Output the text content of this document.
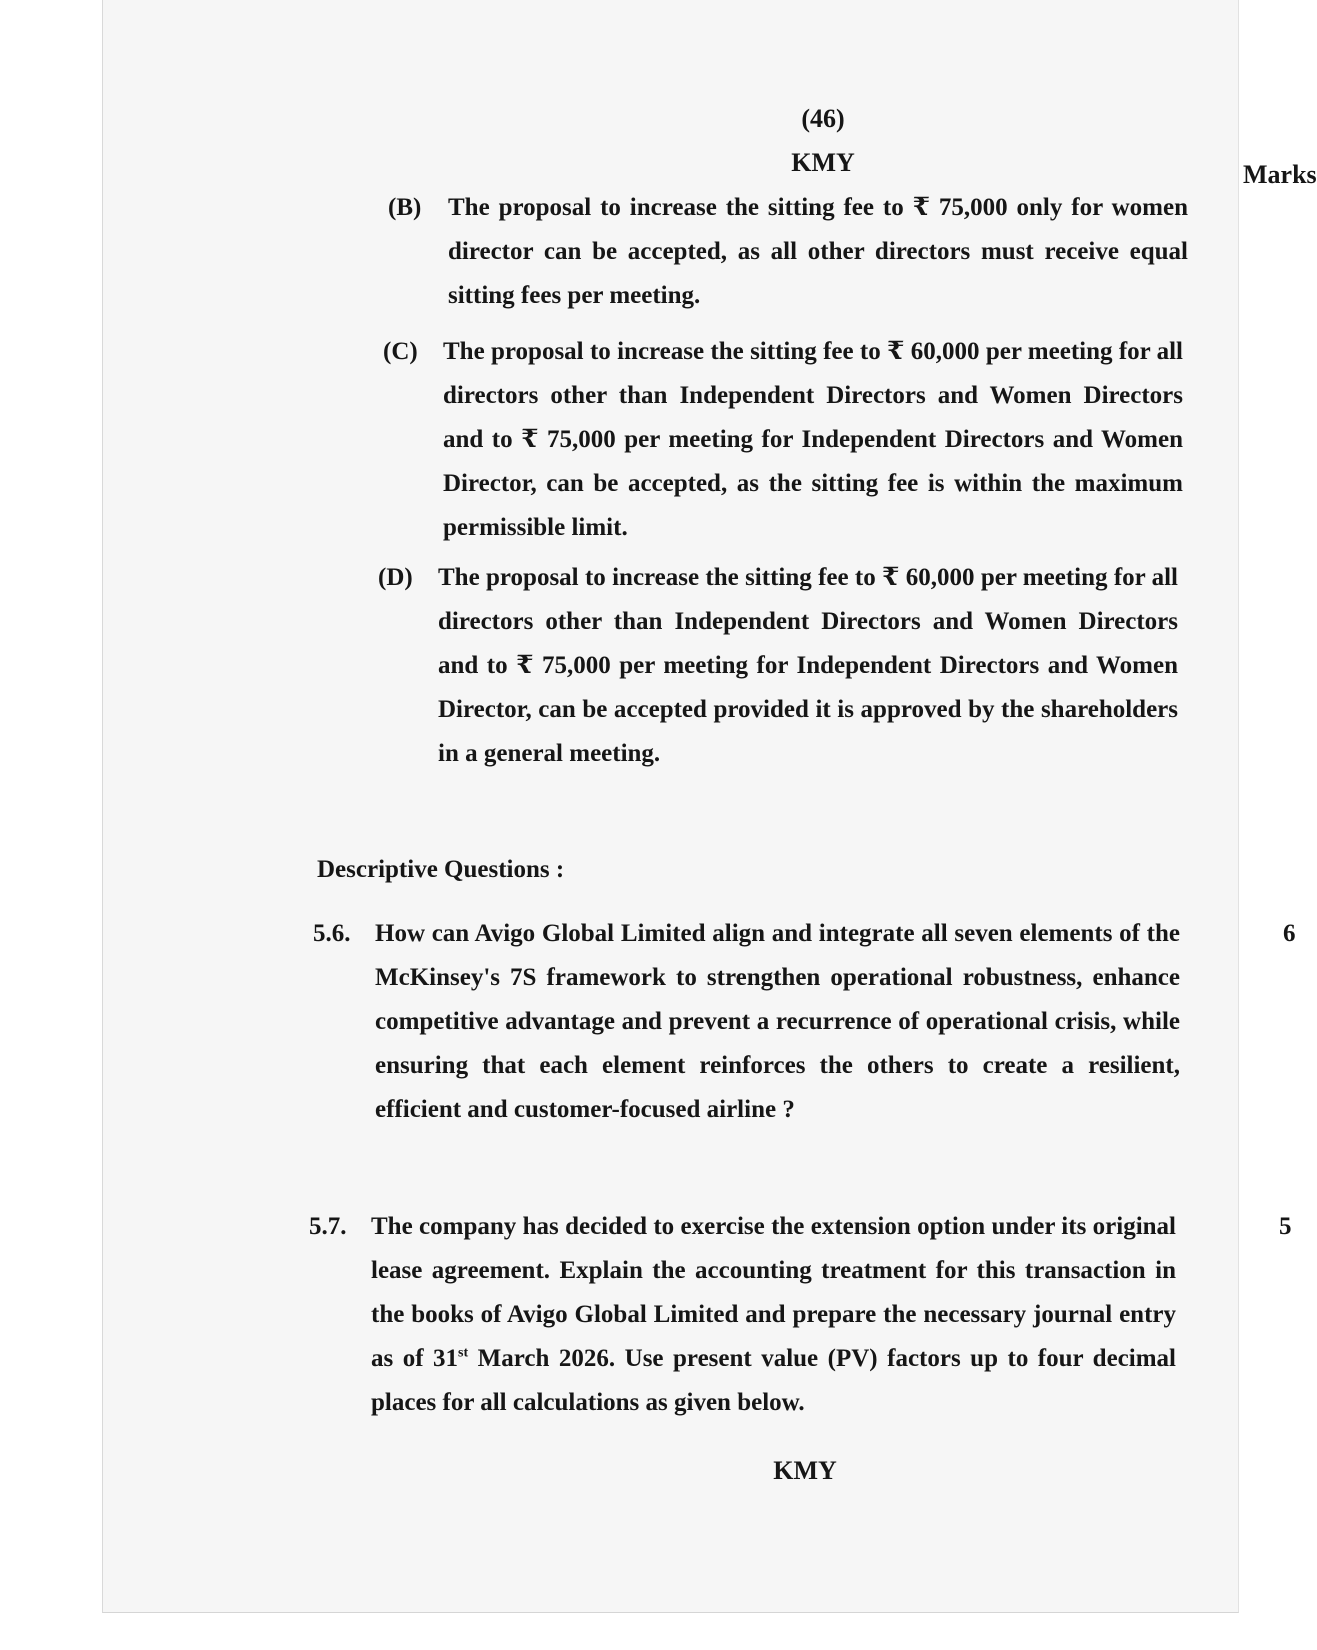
(46)
KMY	Marks
(B) The proposal to increase the sitting fee to ₹ 75,000 only for women director can be accepted, as all other directors must receive equal sitting fees per meeting.
(C) The proposal to increase the sitting fee to ₹ 60,000 per meeting for all directors other than Independent Directors and Women Directors and to ₹ 75,000 per meeting for Independent Directors and Women Director, can be accepted, as the sitting fee is within the maximum permissible limit.
(D) The proposal to increase the sitting fee to ₹ 60,000 per meeting for all directors other than Independent Directors and Women Directors and to ₹ 75,000 per meeting for Independent Directors and Women Director, can be accepted provided it is approved by the shareholders in a general meeting.
Descriptive Questions :
5.6. How can Avigo Global Limited align and integrate all seven elements of the McKinsey's 7S framework to strengthen operational robustness, enhance competitive advantage and prevent a recurrence of operational crisis, while ensuring that each element reinforces the others to create a resilient, efficient and customer-focused airline ?
6
5.7. The company has decided to exercise the extension option under its original lease agreement. Explain the accounting treatment for this transaction in the books of Avigo Global Limited and prepare the necessary journal entry as of 31st March 2026. Use present value (PV) factors up to four decimal places for all calculations as given below.
5
KMY
